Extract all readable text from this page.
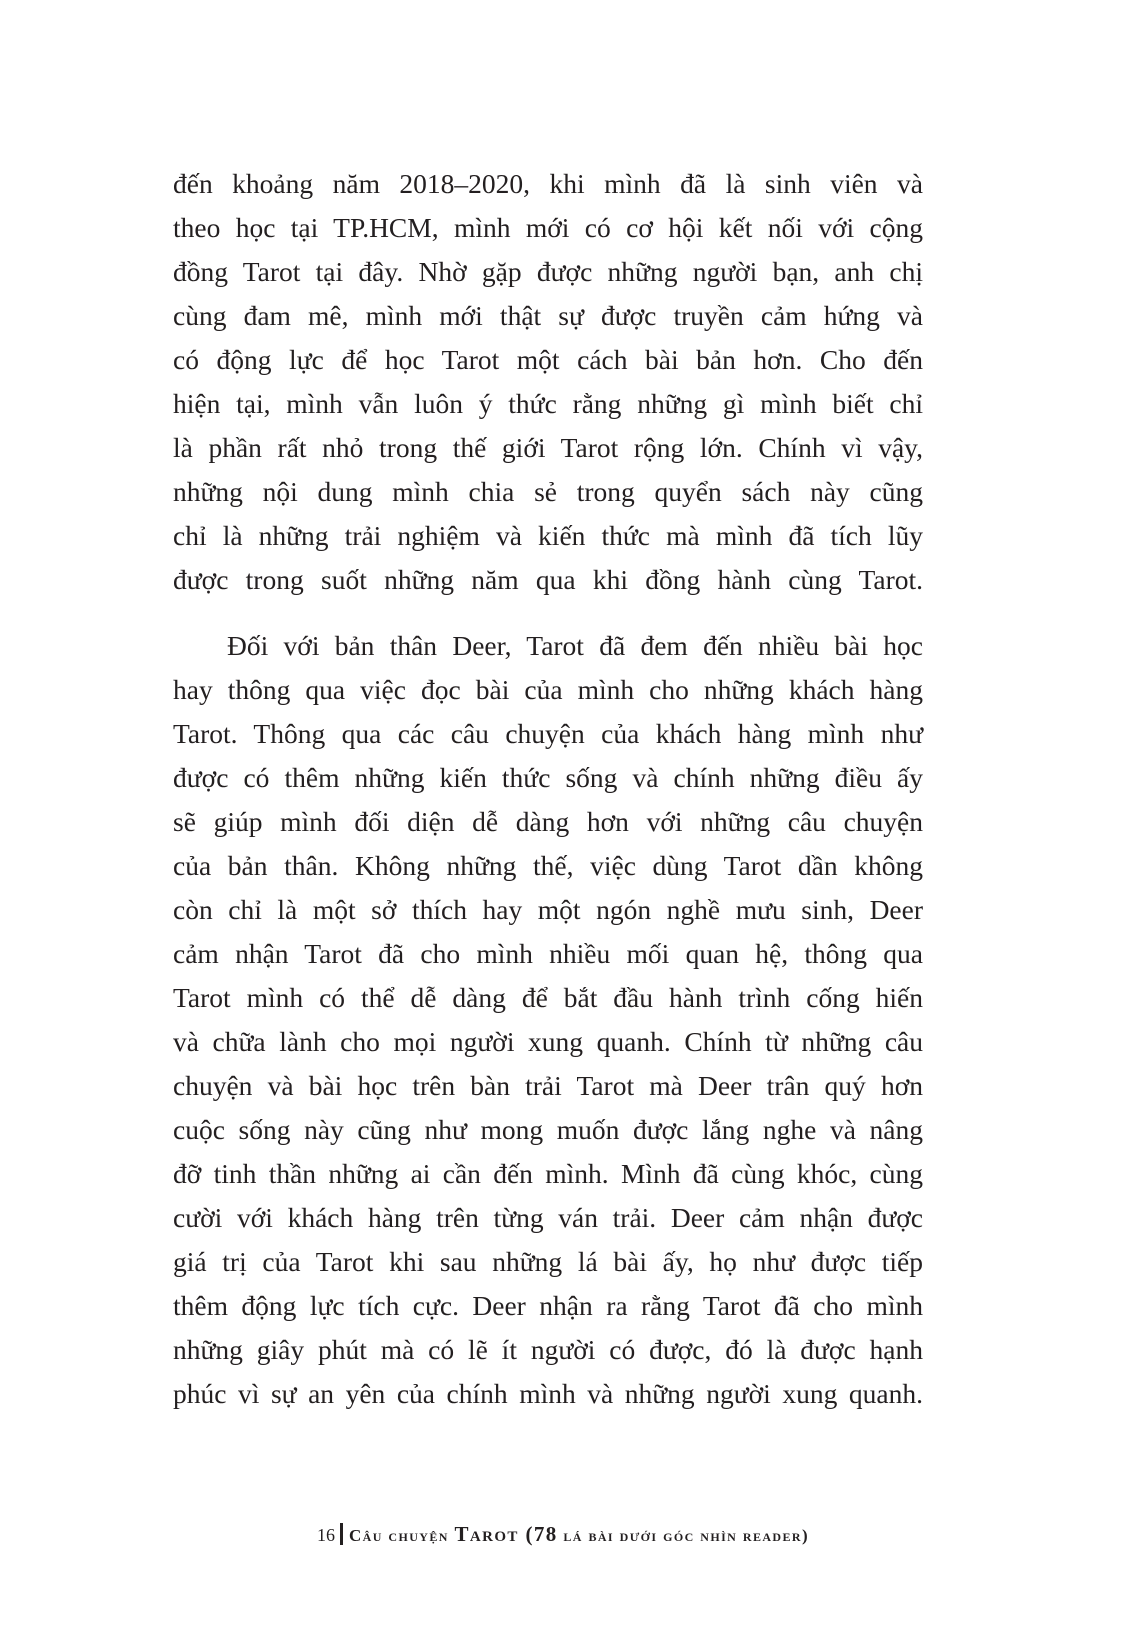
đến khoảng năm 2018–2020, khi mình đã là sinh viên và
theo học tại TP.HCM, mình mới có cơ hội kết nối với cộng
đồng Tarot tại đây. Nhờ gặp được những người bạn, anh chị
cùng đam mê, mình mới thật sự được truyền cảm hứng và
có động lực để học Tarot một cách bài bản hơn. Cho đến
hiện tại, mình vẫn luôn ý thức rằng những gì mình biết chỉ
là phần rất nhỏ trong thế giới Tarot rộng lớn. Chính vì vậy,
những nội dung mình chia sẻ trong quyển sách này cũng
chỉ là những trải nghiệm và kiến thức mà mình đã tích lũy
được trong suốt những năm qua khi đồng hành cùng Tarot.
Đối với bản thân Deer, Tarot đã đem đến nhiều bài học
hay thông qua việc đọc bài của mình cho những khách hàng
Tarot. Thông qua các câu chuyện của khách hàng mình như
được có thêm những kiến thức sống và chính những điều ấy
sẽ giúp mình đối diện dễ dàng hơn với những câu chuyện
của bản thân. Không những thế, việc dùng Tarot dần không
còn chỉ là một sở thích hay một ngón nghề mưu sinh, Deer
cảm nhận Tarot đã cho mình nhiều mối quan hệ, thông qua
Tarot mình có thể dễ dàng để bắt đầu hành trình cống hiến
và chữa lành cho mọi người xung quanh. Chính từ những câu
chuyện và bài học trên bàn trải Tarot mà Deer trân quý hơn
cuộc sống này cũng như mong muốn được lắng nghe và nâng
đỡ tinh thần những ai cần đến mình. Mình đã cùng khóc, cùng
cười với khách hàng trên từng ván trải. Deer cảm nhận được
giá trị của Tarot khi sau những lá bài ấy, họ như được tiếp
thêm động lực tích cực. Deer nhận ra rằng Tarot đã cho mình
những giây phút mà có lẽ ít người có được, đó là được hạnh
phúc vì sự an yên của chính mình và những người xung quanh.
16 Câu chuyện Tarot (78 lá bài dưới góc nhìn reader)
